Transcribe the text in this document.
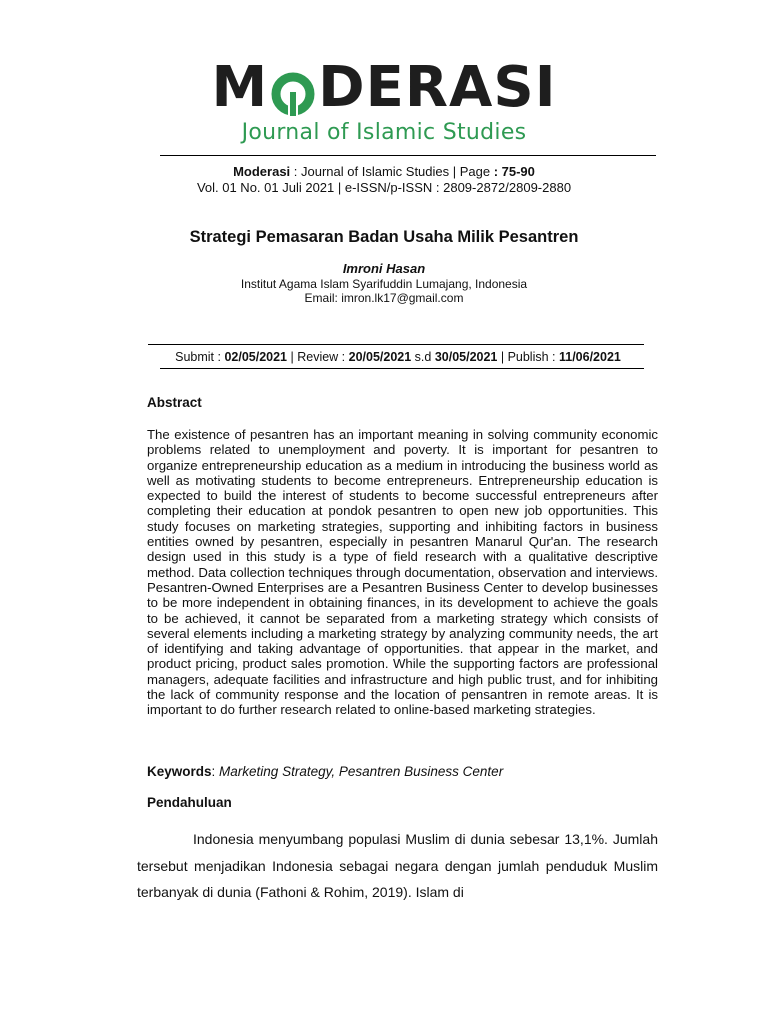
M DERASI
Journal of Islamic Studies
Moderasi : Journal of Islamic Studies | Page : 75-90
Vol. 01 No. 01 Juli 2021 | e-ISSN/p-ISSN : 2809-2872/2809-2880
Strategi Pemasaran Badan Usaha Milik Pesantren
Imroni Hasan
Institut Agama Islam Syarifuddin Lumajang, Indonesia
Email: imron.lk17@gmail.com
Submit : 02/05/2021 | Review : 20/05/2021 s.d 30/05/2021 | Publish : 11/06/2021
Abstract
The existence of pesantren has an important meaning in solving community economic problems related to unemployment and poverty. It is important for pesantren to organize entrepreneurship education as a medium in introducing the business world as well as motivating students to become entrepreneurs. Entrepreneurship education is expected to build the interest of students to become successful entrepreneurs after completing their education at pondok pesantren to open new job opportunities. This study focuses on marketing strategies, supporting and inhibiting factors in business entities owned by pesantren, especially in pesantren Manarul Qur'an. The research design used in this study is a type of field research with a qualitative descriptive method. Data collection techniques through documentation, observation and interviews. Pesantren-Owned Enterprises are a Pesantren Business Center to develop businesses to be more independent in obtaining finances, in its development to achieve the goals to be achieved, it cannot be separated from a marketing strategy which consists of several elements including a marketing strategy by analyzing community needs, the art of identifying and taking advantage of opportunities. that appear in the market, and product pricing, product sales promotion. While the supporting factors are professional managers, adequate facilities and infrastructure and high public trust, and for inhibiting the lack of community response and the location of pensantren in remote areas. It is important to do further research related to online-based marketing strategies.
Keywords: Marketing Strategy, Pesantren Business Center
Pendahuluan
Indonesia menyumbang populasi Muslim di dunia sebesar 13,1%. Jumlah tersebut menjadikan Indonesia sebagai negara dengan jumlah penduduk Muslim terbanyak di dunia (Fathoni & Rohim, 2019). Islam di
